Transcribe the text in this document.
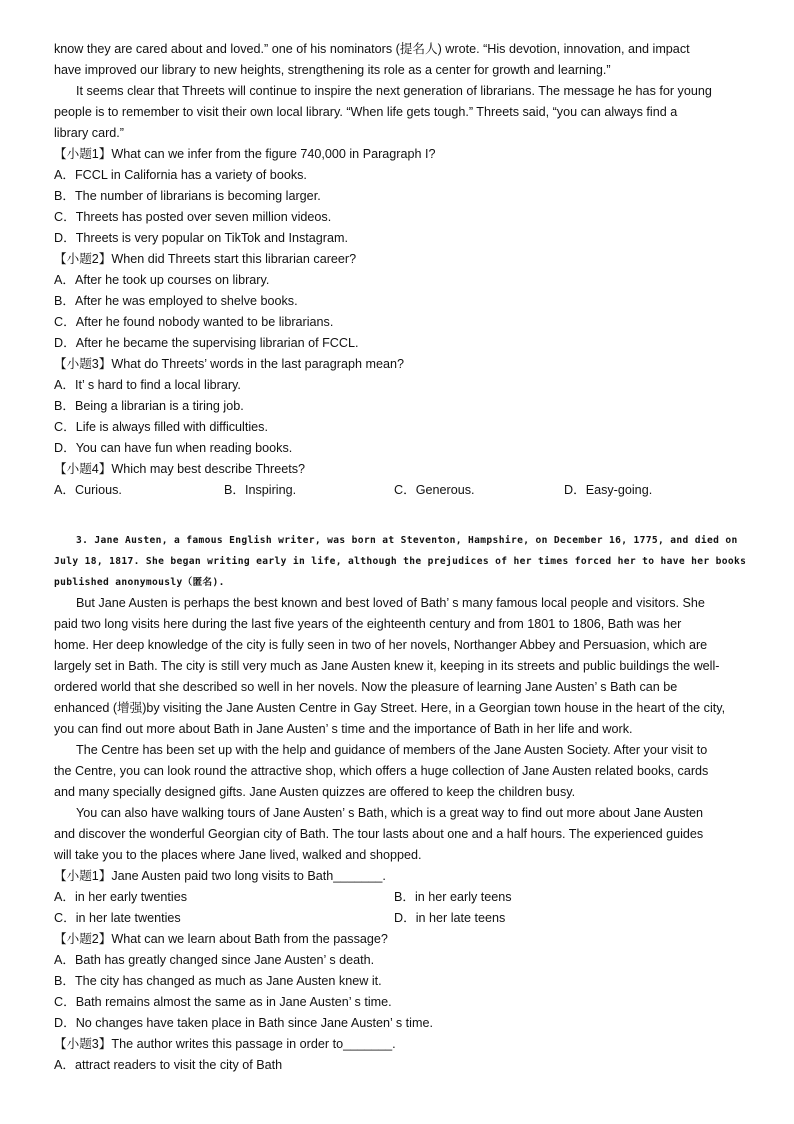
know they are cared about and loved.” one of his nominators (提名人) wrote. “His devotion, innovation, and impact
have improved our library to new heights, strengthening its role as a center for growth and learning.”
It seems clear that Threets will continue to inspire the next generation of librarians. The message he has for young
people is to remember to visit their own local library. “When life gets tough.” Threets said, “you can always find a
library card.”
【小题1】What can we infer from the figure 740,000 in Paragraph I?
A．FCCL in California has a variety of books.
B．The number of librarians is becoming larger.
C．Threets has posted over seven million videos.
D．Threets is very popular on TikTok and Instagram.
【小题2】When did Threets start this librarian career?
A．After he took up courses on library.
B．After he was employed to shelve books.
C．After he found nobody wanted to be librarians.
D．After he became the supervising librarian of FCCL.
【小题3】What do Threets’ words in the last paragraph mean?
A．It’ s hard to find a local library.
B．Being a librarian is a tiring job.
C．Life is always filled with difficulties.
D．You can have fun when reading books.
【小题4】Which may best describe Threets?
A．Curious.	B．Inspiring.	C．Generous.	D．Easy-going.
3. Jane Austen, a famous English writer, was born at Steventon, Hampshire, on December 16, 1775, and died on
July 18, 1817. She began writing early in life, although the prejudices of her times forced her to have her books
published anonymously（匿名).
But Jane Austen is perhaps the best known and best loved of Bath’ s many famous local people and visitors. She
paid two long visits here during the last five years of the eighteenth century and from 1801 to 1806, Bath was her
home. Her deep knowledge of the city is fully seen in two of her novels, Northanger Abbey and Persuasion, which are
largely set in Bath. The city is still very much as Jane Austen knew it, keeping in its streets and public buildings the well-
ordered world that she described so well in her novels. Now the pleasure of learning Jane Austen’ s Bath can be
enhanced (增强)by visiting the Jane Austen Centre in Gay Street. Here, in a Georgian town house in the heart of the city,
you can find out more about Bath in Jane Austen’ s time and the importance of Bath in her life and work.
The Centre has been set up with the help and guidance of members of the Jane Austen Society. After your visit to
the Centre, you can look round the attractive shop, which offers a huge collection of Jane Austen related books, cards
and many specially designed gifts. Jane Austen quizzes are offered to keep the children busy.
You can also have walking tours of Jane Austen’ s Bath, which is a great way to find out more about Jane Austen
and discover the wonderful Georgian city of Bath. The tour lasts about one and a half hours. The experienced guides
will take you to the places where Jane lived, walked and shopped.
【小题1】Jane Austen paid two long visits to Bath_______.
A．in her early twenties	B．in her early teens
C．in her late twenties	D．in her late teens
【小题2】What can we learn about Bath from the passage?
A．Bath has greatly changed since Jane Austen’ s death.
B．The city has changed as much as Jane Austen knew it.
C．Bath remains almost the same as in Jane Austen’ s time.
D．No changes have taken place in Bath since Jane Austen’ s time.
【小题3】The author writes this passage in order to_______.
A．attract readers to visit the city of Bath
